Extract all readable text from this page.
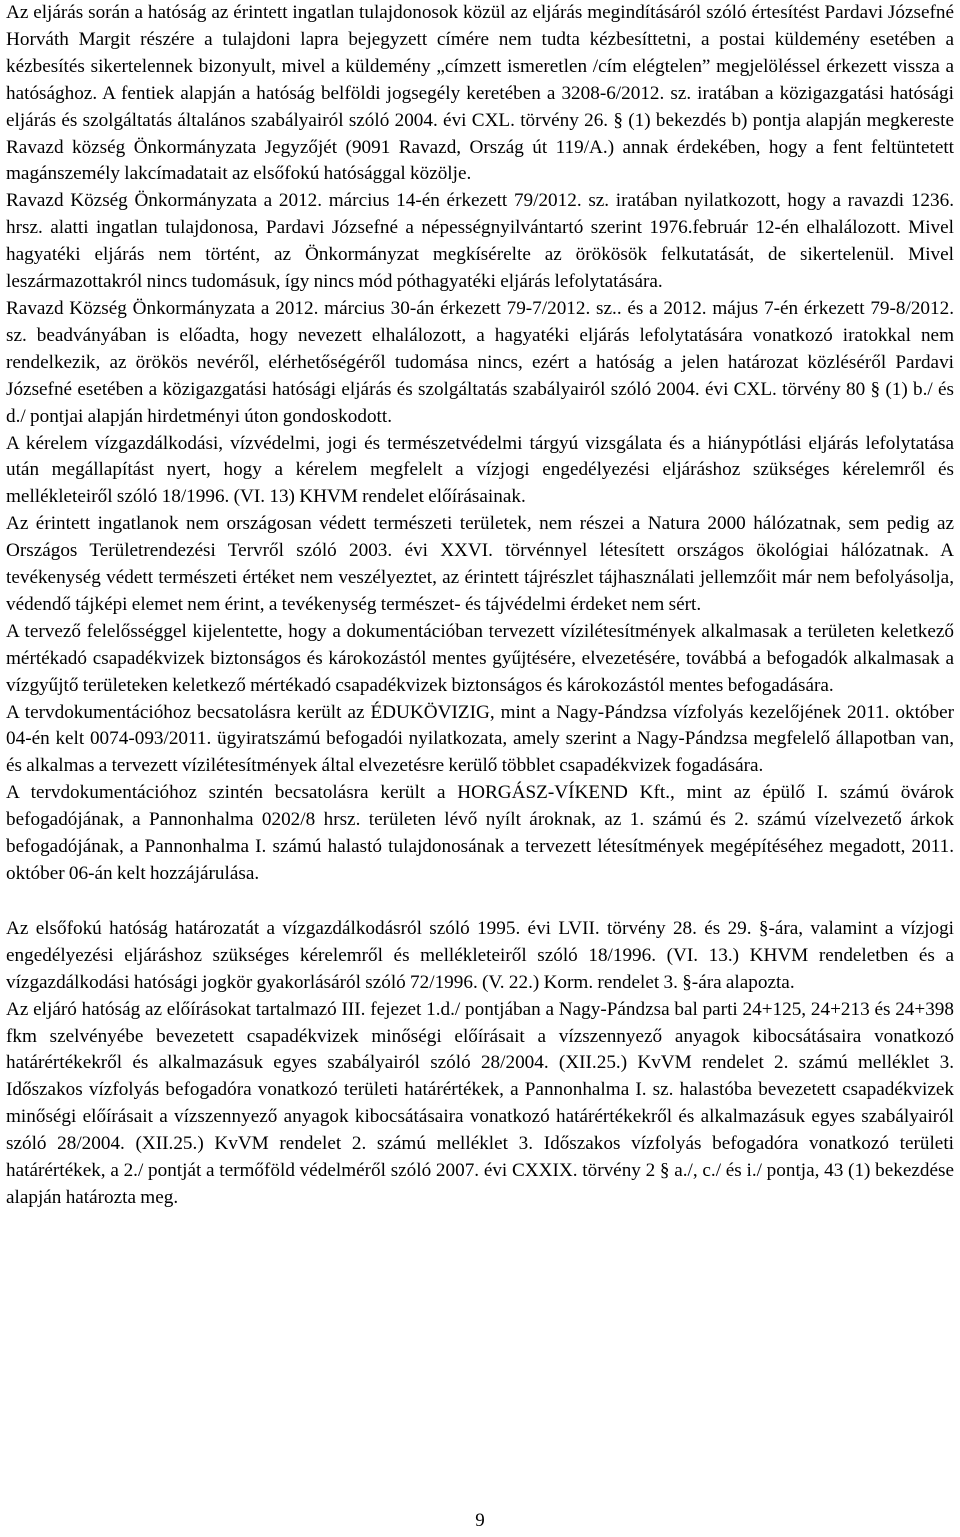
Az eljárás során a hatóság az érintett ingatlan tulajdonosok közül az eljárás megindításáról szóló értesítést Pardavi Józsefné Horváth Margit részére a tulajdoni lapra bejegyzett címére nem tudta kézbesíttetni, a postai küldemény esetében a kézbesítés sikertelennek bizonyult, mivel a küldemény „címzett ismeretlen /cím elégtelen” megjelöléssel érkezett vissza a hatósághoz. A fentiek alapján a hatóság belföldi jogsegély keretében a 3208-6/2012. sz. iratában a közigazgatási hatósági eljárás és szolgáltatás általános szabályairól szóló 2004. évi CXL. törvény 26. § (1) bekezdés b) pontja alapján megkereste Ravazd község Önkormányzata Jegyzőjét (9091 Ravazd, Ország út 119/A.) annak érdekében, hogy a fent feltüntetett magánszemély lakcímadatait az elsőfokú hatósággal közölje.

Ravazd Község Önkormányzata a 2012. március 14-én érkezett 79/2012. sz. iratában nyilatkozott, hogy a ravazdi 1236. hrsz. alatti ingatlan tulajdonosa, Pardavi Józsefné a népességnyilvántartó szerint 1976.február 12-én elhalálozott. Mivel hagyatéki eljárás nem történt, az Önkormányzat megkísérelte az örökösök felkutatását, de sikertelenül. Mivel leszármazottakról nincs tudomásuk, így nincs mód póthagyatéki eljárás lefolytatására.

Ravazd Község Önkormányzata a 2012. március 30-án érkezett 79-7/2012. sz.. és a 2012. május 7-én érkezett 79-8/2012. sz. beadványában is előadta, hogy nevezett elhalálozott, a hagyatéki eljárás lefolytatására vonatkozó iratokkal nem rendelkezik, az örökös nevéről, elérhetőségéről tudomása nincs, ezért a hatóság a jelen határozat közléséről Pardavi Józsefné esetében a közigazgatási hatósági eljárás és szolgáltatás szabályairól szóló 2004. évi CXL. törvény 80 § (1) b./ és d./ pontjai alapján hirdetményi úton gondoskodott.

A kérelem vízgazdálkodási, vízvédelmi, jogi és természetvédelmi tárgyú vizsgálata és a hiánypótlási eljárás lefolytatása után megállapítást nyert, hogy a kérelem megfelelt a vízjogi engedélyezési eljáráshoz szükséges kérelemről és mellékleteiről szóló 18/1996. (VI. 13) KHVM rendelet előírásainak.

Az érintett ingatlanok nem országosan védett természeti területek, nem részei a Natura 2000 hálózatnak, sem pedig az Országos Területrendezési Tervről szóló 2003. évi XXVI. törvénnyel létesített országos ökológiai hálózatnak. A tevékenység védett természeti értéket nem veszélyeztet, az érintett tájrészlet tájhasználati jellemzőit már nem befolyásolja, védendő tájképi elemet nem érint, a tevékenység természet- és tájvédelmi érdeket nem sért.

A tervező felelősséggel kijelentette, hogy a dokumentációban tervezett vízilétesítmények alkalmasak a területen keletkező mértékadó csapadékvizek biztonságos és károkozástól mentes gyűjtésére, elvezetésére, továbbá a befogadók alkalmasak a vízgyűjtő területeken keletkező mértékadó csapadékvizek biztonságos és károkozástól mentes befogadására.

A tervdokumentációhoz becsatolásra került az ÉDUKÖVIZIG, mint a Nagy-Pándzsa vízfolyás kezelőjének 2011. október 04-én kelt 0074-093/2011. ügyiratszámú befogadói nyilatkozata, amely szerint a Nagy-Pándzsa megfelelő állapotban van, és alkalmas a tervezett vízilétesítmények által elvezetésre kerülő többlet csapadékvizek fogadására.

A tervdokumentációhoz szintén becsatolásra került a HORGÁSZ-VÍKEND Kft., mint az épülő I. számú övárok befogadójának, a Pannonhalma 0202/8 hrsz. területen lévő nyílt ároknak, az 1. számú és 2. számú vízelvezető árkok befogadójának, a Pannonhalma I. számú halastó tulajdonosának a tervezett létesítmények megépítéséhez megadott, 2011. október 06-án kelt hozzájárulása.

Az elsőfokú hatóság határozatát a vízgazdálkodásról szóló 1995. évi LVII. törvény 28. és 29. §-ára, valamint a vízjogi engedélyezési eljáráshoz szükséges kérelemről és mellékleteiről szóló 18/1996. (VI. 13.) KHVM rendeletben és a vízgazdálkodási hatósági jogkör gyakorlásáról szóló 72/1996. (V. 22.) Korm. rendelet 3. §-ára alapozta.

Az eljáró hatóság az előírásokat tartalmazó III. fejezet 1.d./ pontjában a Nagy-Pándzsa bal parti 24+125, 24+213 és 24+398 fkm szelvényébe bevezetett csapadékvizek minőségi előírásait a vízszennyező anyagok kibocsátásaira vonatkozó határértékekről és alkalmazásuk egyes szabályairól szóló 28/2004. (XII.25.) KvVM rendelet 2. számú melléklet 3. Időszakos vízfolyás befogadóra vonatkozó területi határértékek, a Pannonhalma I. sz. halastóba bevezetett csapadékvizek minőségi előírásait a vízszennyező anyagok kibocsátásaira vonatkozó határértékekről és alkalmazásuk egyes szabályairól szóló 28/2004. (XII.25.) KvVM rendelet 2. számú melléklet 3. Időszakos vízfolyás befogadóra vonatkozó területi határértékek, a 2./ pontját a termőföld védelméről szóló 2007. évi CXXIX. törvény 2 § a./, c./ és i./ pontja, 43 (1) bekezdése alapján határozta meg.

9
